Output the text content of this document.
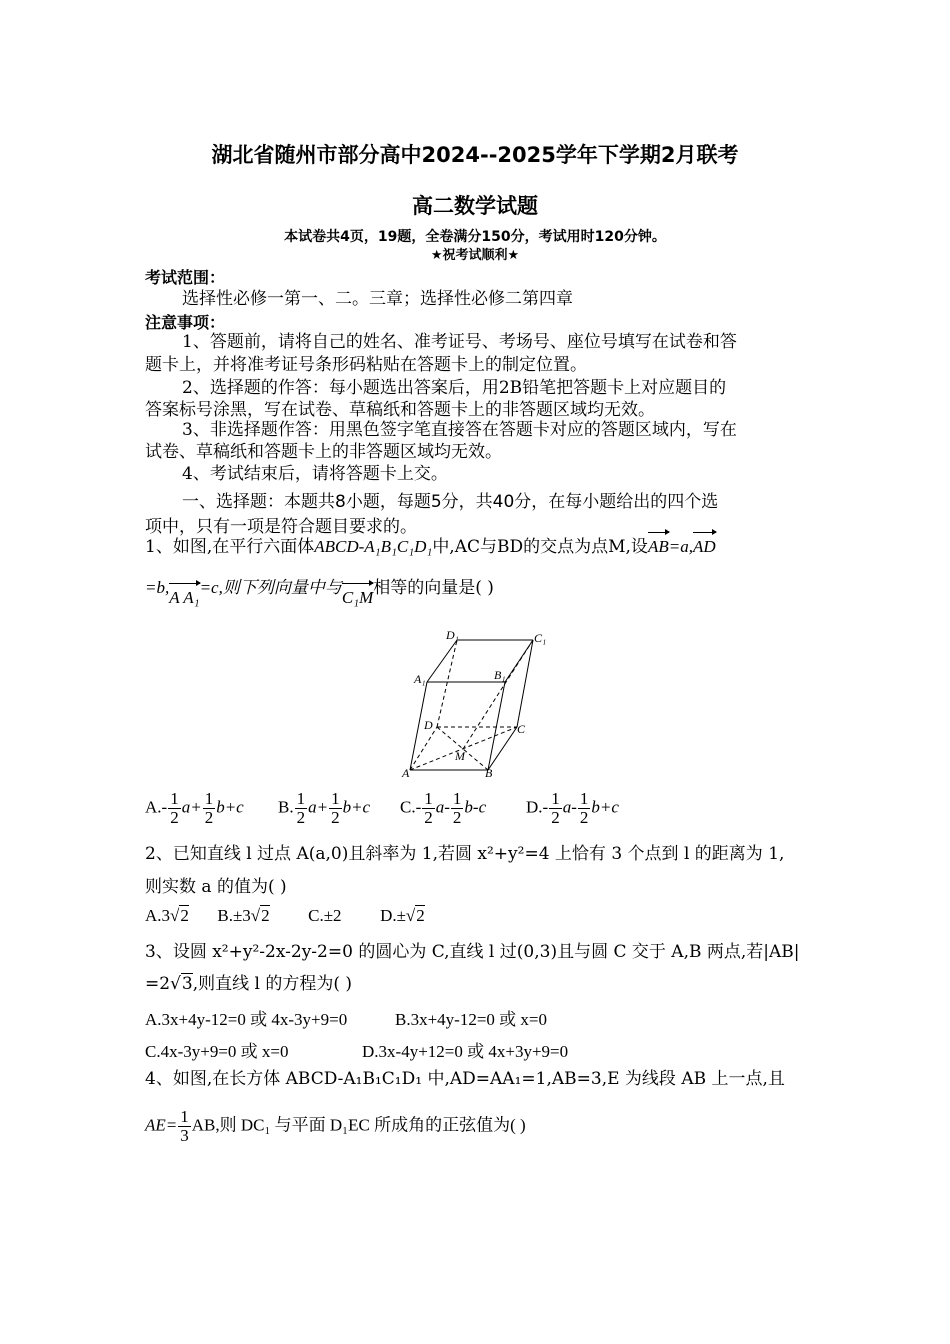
湖北省随州市部分高中2024--2025学年下学期2月联考
高二数学试题
本试卷共4页，19题，全卷满分150分，考试用时120分钟。
★祝考试顺利★
考试范围：
选择性必修一第一、二。三章；选择性必修二第四章
注意事项：
1、答题前，请将自己的姓名、准考证号、考场号、座位号填写在试卷和答
题卡上，并将准考证号条形码粘贴在答题卡上的制定位置。
2、选择题的作答：每小题选出答案后，用2B铅笔把答题卡上对应题目的
答案标号涂黑，写在试卷、草稿纸和答题卡上的非答题区域均无效。
3、非选择题作答：用黑色签字笔直接答在答题卡对应的答题区域内，写在
试卷、草稿纸和答题卡上的非答题区域均无效。
4、考试结束后，请将答题卡上交。
一、选择题：本题共8小题，每题5分，共40分，在每小题给出的四个选
项中，只有一项是符合题目要求的。
1、如图,在平行六面体ABCD-A₁B₁C₁D₁中,AC与BD的交点为点M,设AB=a,AD
=b,A A₁=c,则下列向量中与C₁M相等的向量是( )
D₁	C₁
A₁	B₁
D	C
M
A	B
$A.- \frac{1}{2} a+ \frac{1}{2} b+c$ B. $\frac{1}{2} a+ \frac{1}{2} b+c$ $C.- \frac{1}{2} a- \frac{1}{2} b-c$ $D.- \frac{1}{2} a- \frac{1}{2} b+c$
2、已知直线 l 过点 A(a,0)且斜率为 1,若圆 x²+y²=4 上恰有 3 个点到 l 的距离为 1,
则实数 a 的值为( )
A.3√2 B.±3√2 C.±2 D.±√2
3、设圆 x²+y²-2x-2y-2=0 的圆心为 C,直线 l 过(0,3)且与圆 C 交于 A,B 两点,若|AB|
=2√3,则直线 l 的方程为( )
A.3x+4y-12=0 或 4x-3y+9=0	B.3x+4y-12=0 或 x=0
C.4x-3y+9=0 或 x=0	D.3x-4y+12=0 或 4x+3y+9=0
4、如图,在长方体 ABCD-A₁B₁C₁D₁ 中,AD=AA₁=1,AB=3,E 为线段 AB 上一点,且
$AE= \frac{1}{3}$ AB,则 DC₁ 与平面 D₁EC 所成角的正弦值为( )
